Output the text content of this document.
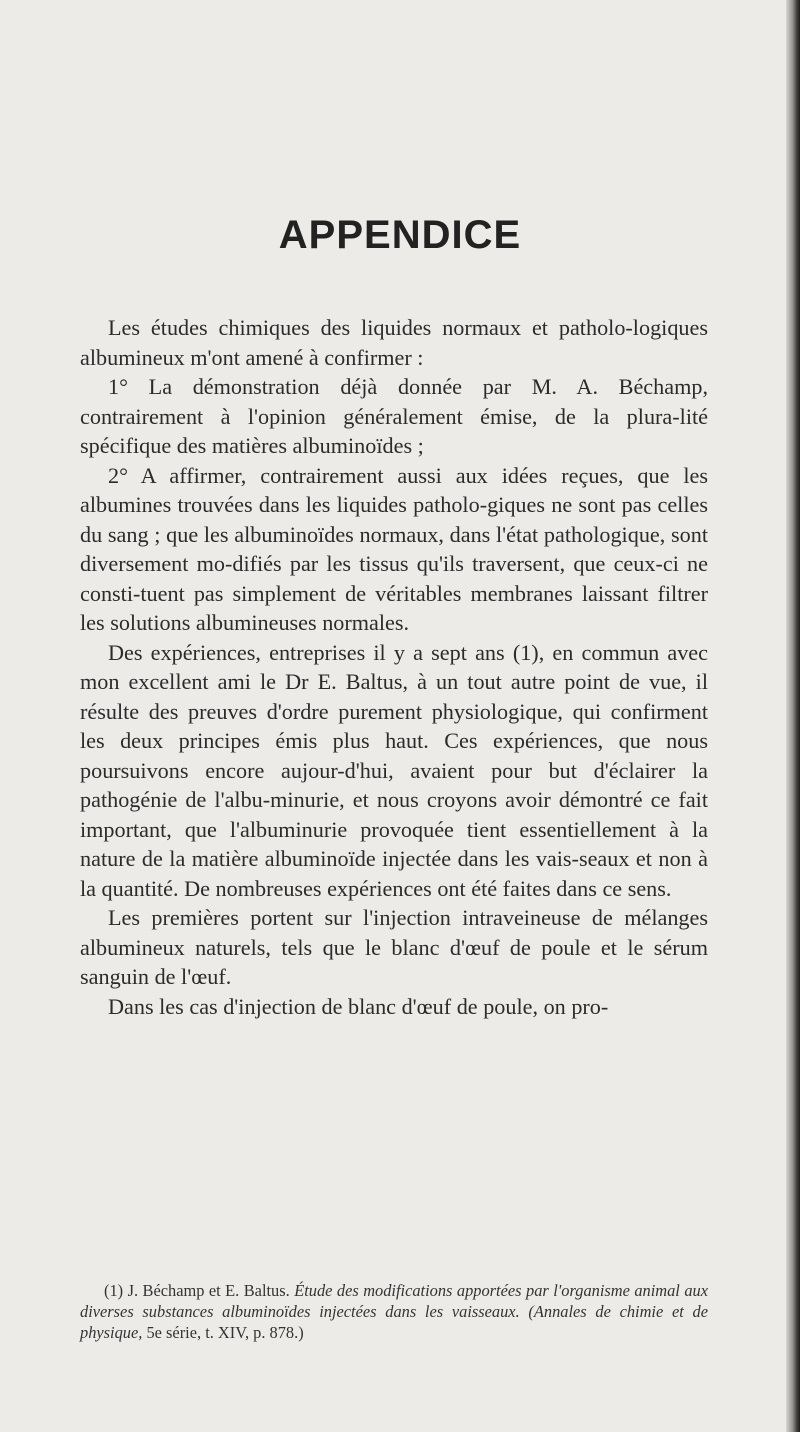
APPENDICE

Les études chimiques des liquides normaux et patholo-logiques albumineux m'ont amené à confirmer :

1° La démonstration déjà donnée par M. A. Béchamp, contrairement à l'opinion généralement émise, de la plura-lité spécifique des matières albuminoïdes ;

2° A affirmer, contrairement aussi aux idées reçues, que les albumines trouvées dans les liquides patholo-giques ne sont pas celles du sang ; que les albuminoïdes normaux, dans l'état pathologique, sont diversement mo-difiés par les tissus qu'ils traversent, que ceux-ci ne consti-tuent pas simplement de véritables membranes laissant filtrer les solutions albumineuses normales.

Des expériences, entreprises il y a sept ans (1), en commun avec mon excellent ami le Dr E. Baltus, à un tout autre point de vue, il résulte des preuves d'ordre purement physiologique, qui confirment les deux principes émis plus haut. Ces expériences, que nous poursuivons encore aujour-d'hui, avaient pour but d'éclairer la pathogénie de l'albu-minurie, et nous croyons avoir démontré ce fait important, que l'albuminurie provoquée tient essentiellement à la nature de la matière albuminoïde injectée dans les vais-seaux et non à la quantité. De nombreuses expériences ont été faites dans ce sens.

Les premières portent sur l'injection intraveineuse de mélanges albumineux naturels, tels que le blanc d'œuf de poule et le sérum sanguin de l'œuf.

Dans les cas d'injection de blanc d'œuf de poule, on pro-

(1) J. Béchamp et E. Baltus. Étude des modifications apportées par l'organisme animal aux diverses substances albuminoïdes injectées dans les vaisseaux. (Annales de chimie et de physique, 5e série, t. XIV, p. 878.)
